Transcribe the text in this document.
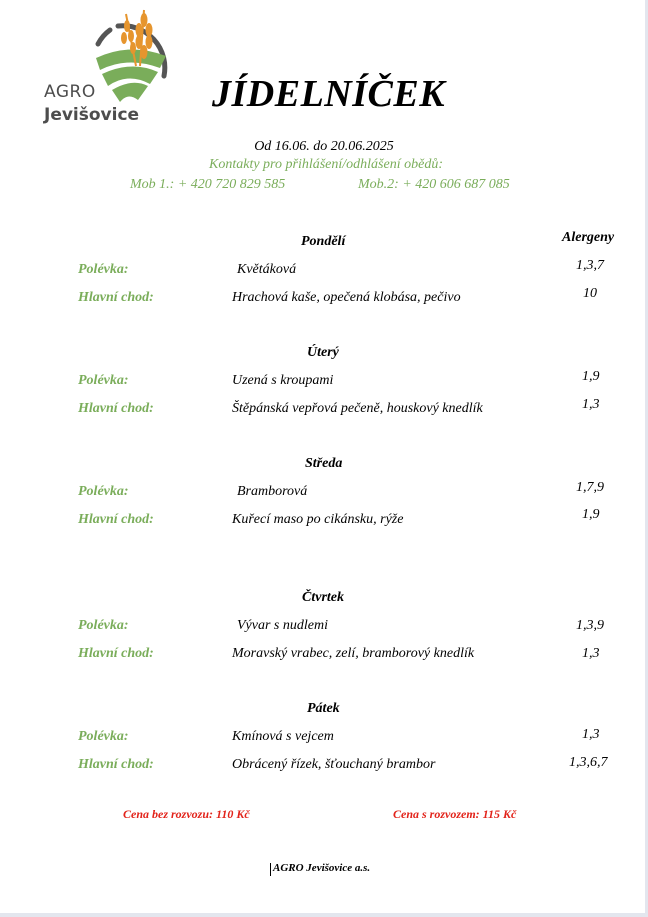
AGRO
Jevišovice JÍDELNÍČEK
Od 16.06. do 20.06.2025
Kontakty pro přihlášení/odhlášení obědů:
Mob 1.: + 420 720 829 585	Mob.2: + 420 606 687 085
Alergeny
Pondělí
Polévka:	Květáková	1,3,7
Hlavní chod:	Hrachová kaše, opečená klobása, pečivo	10
Úterý
Polévka:	Uzená s kroupami	1,9
Hlavní chod:	Štěpánská vepřová pečeně, houskový knedlík	1,3
Středa
Polévka:	Bramborová	1,7,9
Hlavní chod:	Kuřecí maso po cikánsku, rýže	1,9
Čtvrtek
Polévka:	Vývar s nudlemi	1,3,9
Hlavní chod:	Moravský vrabec, zelí, bramborový knedlík	1,3
Pátek
Polévka:	Kmínová s vejcem	1,3
Hlavní chod:	Obrácený řízek, šťouchaný brambor	1,3,6,7
Cena bez rozvozu: 110 Kč	Cena s rozvozem: 115 Kč
AGRO Jevišovice a.s.
